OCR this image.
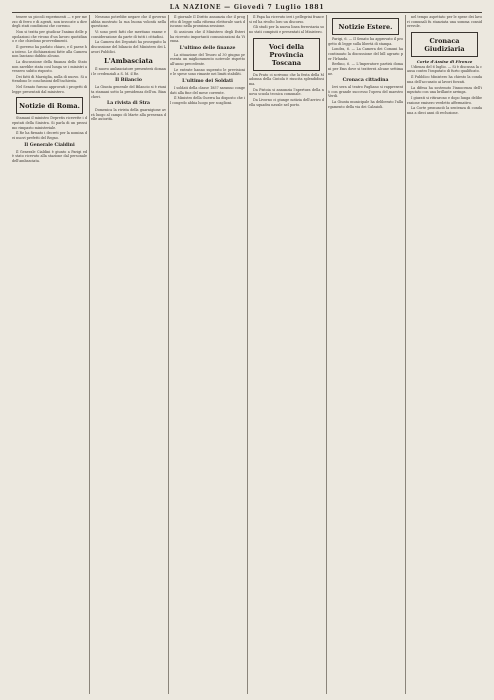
LA NAZIONE — Giovedì 7 Luglio 1881

tenere su piccoli esperimenti — e per mezzo di ferro e di agenti, non invocate a dire degli stati condizioni che corrono.

Non si tratta per giudicar l'animo delle popolazioni che vivono d'un lavoro quotidiano e che chiedono provvedimenti.

Il governo ha parlato chiaro, e il paese ha inteso. Le dichiarazioni fatte alla Camera non lasciano dubbio alcuno.

La discussione della finanza dello Stato non sarebbe stata così lunga se i ministri avessero subito risposto.

Dei fatti di Marsiglia, nulla di nuovo. Si attendono le conclusioni dell'inchiesta.

Nel Senato furono approvati i progetti di legge presentati dal ministero.

Notizie di Roma.

Stamani il ministro Depretis ricevette i deputati della Sinistra. Si parla di un prossimo rimpasto ministeriale.

Il Re ha firmato i decreti per la nomina dei nuovi prefetti del Regno.

Il Generale Cialdini

Il Generale Cialdini è giunto a Parigi ed è stato ricevuto alla stazione dal personale dell'ambasciata.

Nessuno potrebbe negare che il governo abbia mostrato la sua buona volontà nella questione.

Vi sono però fatti che meritano esame e considerazione da parte di tutti i cittadini.

La Camera dei Deputati ha proseguito la discussione del bilancio del Ministero dei Lavori Pubblici.

L'Ambasciata

Il nuovo ambasciatore presenterà domani le credenziali a S. M. il Re.

Il Bilancio

La Giunta generale del Bilancio si è riunita stamani sotto la presidenza dell'on. Biancheri.

La rivista di Stra

Domenica la rivista della guarnigione avrà luogo al campo di Marte alla presenza delle autorità.

Il giornale Il Diritto annunzia che il progetto di legge sulla riforma elettorale sarà discusso nella prossima sessione.

Si assicura che il Ministero degli Esteri ha ricevuto importanti comunicazioni da Vienna.

L'ultimo delle finanze

La situazione del Tesoro al 30 giugno presenta un miglioramento notevole rispetto all'anno precedente.

Le entrate hanno superato le previsioni e le spese sono rimaste nei limiti stabiliti.

L'ultimo dei Soldati

I soldati della classe 1857 saranno congedati alla fine del mese corrente.

Il Ministro della Guerra ha disposto che il congedo abbia luogo per scaglioni.

Il Papa ha ricevuto ieri i pellegrini francesi ed ha rivolto loro un discorso.

Gli studi per la nuova linea ferroviaria sono stati compiuti e presentati al Ministero.

Voci della Provincia Toscana

Da Prato ci scrivono che la festa della Madonna della Cintola è riuscita splendidissima.

Da Pistoia si annunzia l'apertura della nuova scuola tecnica comunale.

Da Livorno ci giunge notizia dell'arrivo della squadra navale nel porto.

Notizie Estere.

Parigi, 6. — Il Senato ha approvato il progetto di legge sulla libertà di stampa.

Londra, 6. — La Camera dei Comuni ha continuato la discussione del bill agrario per l'Irlanda.

Berlino, 6. — L'Imperatore partirà domani per Ems dove si tratterrà alcune settimane.

Cronaca cittadina

Ieri sera al teatro Pagliano si rappresentò con grande successo l'opera del maestro Verdi.

La Giunta municipale ha deliberato l'allargamento della via dei Calzaioli.

nel tempo aspettato per le spese dei lavori comunali fu stanziata una somma considerevole.

Cronaca Giudiziaria
Corte d'Assise di Firenze

Udienza del 6 luglio. — Si è discussa la causa contro l'imputato di furto qualificato.

Il Pubblico Ministero ha chiesto la condanna dell'accusato ai lavori forzati.

La difesa ha sostenuto l'innocenza dell'imputato con una brillante arringa.

I giurati si ritirarono e dopo lunga deliberazione emisero verdetto affermativo.

La Corte pronunciò la sentenza di condanna a dieci anni di reclusione.
